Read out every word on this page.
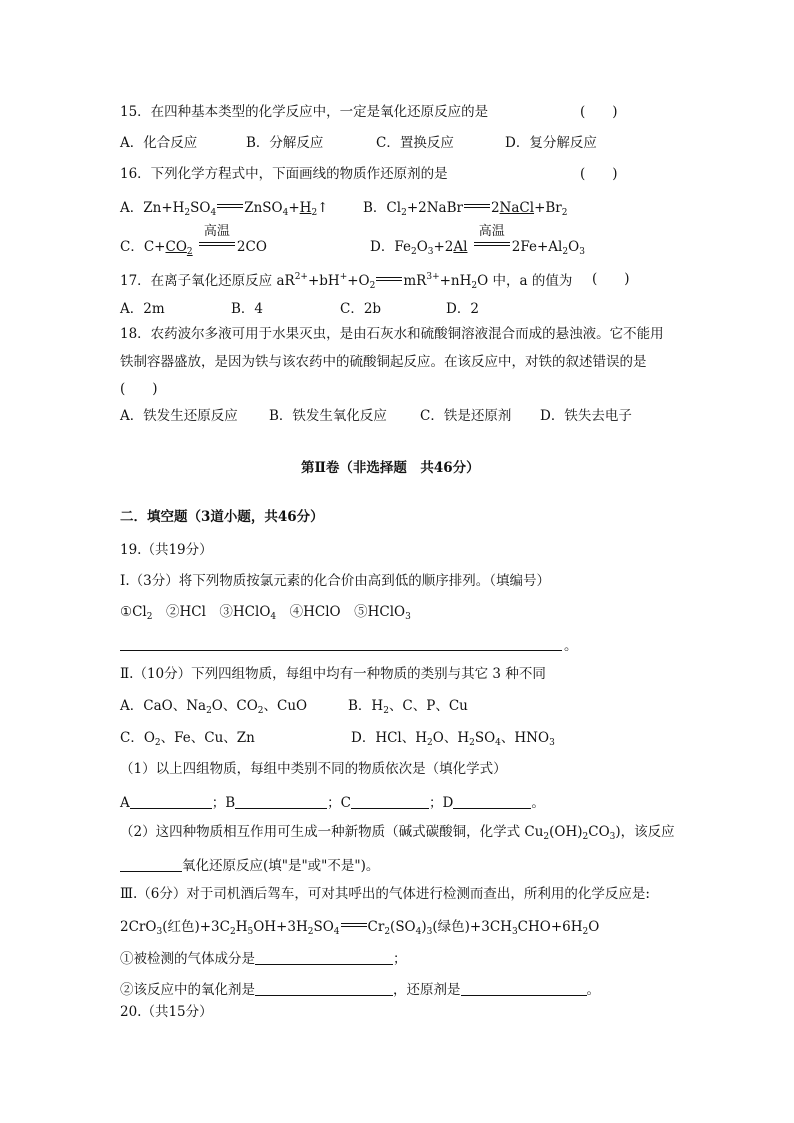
15．在四种基本类型的化学反应中，一定是氧化还原反应的是	(　　)
A．化合反应	B．分解反应	C．置换反应	D．复分解反应
16．下列化学方程式中，下面画线的物质作还原剂的是	(　　)
A．$Zn+H_2SO_4$ $ZnSO_4+H_2↑$	B．$Cl_2+2NaBr$ $2NaCl+Br_2$
C．$C+CO_2$
高温
2CO	D．$Fe_2O_3+2Al$
高温
$2Fe+Al_2O_3$
17．在离子氧化还原反应 $aR^{2+}+bH^++O_2$ $mR^{3+}+nH_2O$ 中，a 的值为 (　　)
A．2m	B．4	C．2b	D．2
18．农药波尔多液可用于水果灭虫，是由石灰水和硫酸铜溶液混合而成的悬浊液。它不能用
铁制容器盛放，是因为铁与该农药中的硫酸铜起反应。在该反应中，对铁的叙述错误的是
(　　)
A．铁发生还原反应 B．铁发生氧化反应 C．铁是还原剂 D．铁失去电子
第Ⅱ卷（非选择题　共46分）
二．填空题（3道小题，共46分）
19.（共19分）
Ⅰ.（3分）将下列物质按氯元素的化合价由高到低的顺序排列。（填编号）
$①Cl_2$　②HCl　③HClO$_4$　④HClO　⑤HClO$_3$
。
Ⅱ.（10分）下列四组物质，每组中均有一种物质的类别与其它 3 种不同
A．CaO、$Na_2O$、$CO_2$、CuO	B．$H_2$、C、P、Cu
C．$O_2$、Fe、Cu、Zn	D．HCl、$H_2O$、$H_2SO_4$、$HNO_3$
（1）以上四组物质，每组中类别不同的物质依次是（填化学式）
A	；B	；C	；D	。
（2）这四种物质相互作用可生成一种新物质（碱式碳酸铜，化学式 $Cu_2(OH)_2CO_3$)，该反应
氧化还原反应(填"是"或"不是")。
Ⅲ.（6分）对于司机酒后驾车，可对其呼出的气体进行检测而查出，所利用的化学反应是:
2CrO$_3$(红色)$+3C_2H_5OH+3H_2SO_4$ $Cr_2(SO_4)_3$(绿色)$+3CH_3CHO+6H_2O$
①被检测的气体成分是	；
②该反应中的氧化剂是	，还原剂是	。
20.（共15分）
